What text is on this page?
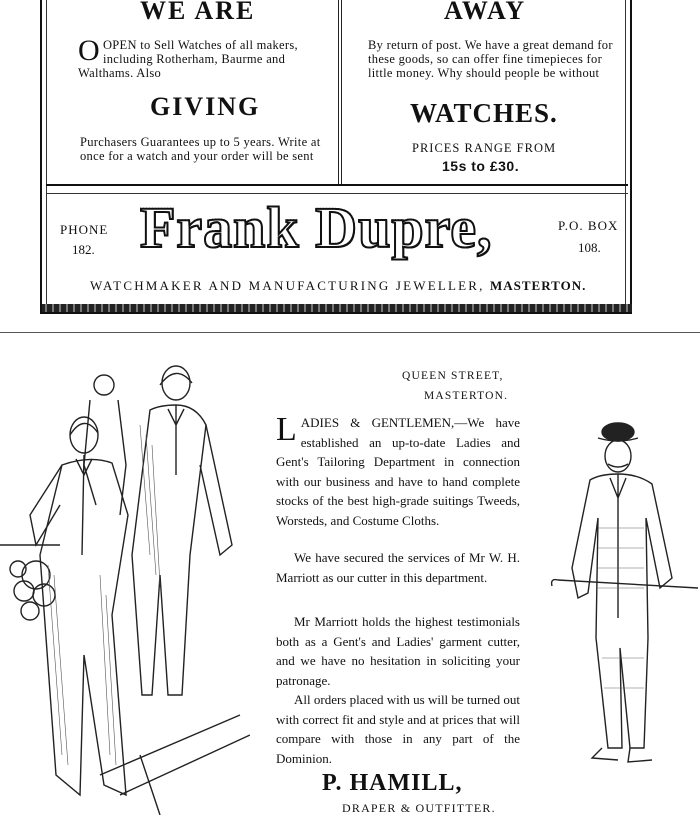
WE ARE
OOPEN to Sell Watches of all makers, including Rotherham, Baurme and Walthams. Also
GIVING
Purchasers Guarantees up to 5 years. Write at once for a watch and your order will be sent
AWAY
By return of post. We have a great demand for these goods, so can offer fine timepieces for little money. Why should people be without
WATCHES.
PRICES RANGE FROM
15s to £30.
PHONE
182. Frank Dupre,	P.O. BOX
108.
WATCHMAKER AND MANUFACTURING JEWELLER, MASTERTON.
QUEEN STREET,
MASTERTON.
LADIES & GENTLEMEN,—We have established an up-to-date Ladies and Gent's Tailoring Department in connection with our business and have to hand complete stocks of the best high-grade suitings Tweeds, Worsteds, and Costume Cloths.
We have secured the services of Mr W. H. Marriott as our cutter in this department.
Mr Marriott holds the highest testimonials both as a Gent's and Ladies' garment cutter, and we have no hesitation in soliciting your patronage.
All orders placed with us will be turned out with correct fit and style and at prices that will compare with those in any part of the Dominion.
P. HAMILL,
DRAPER & OUTFITTER.
